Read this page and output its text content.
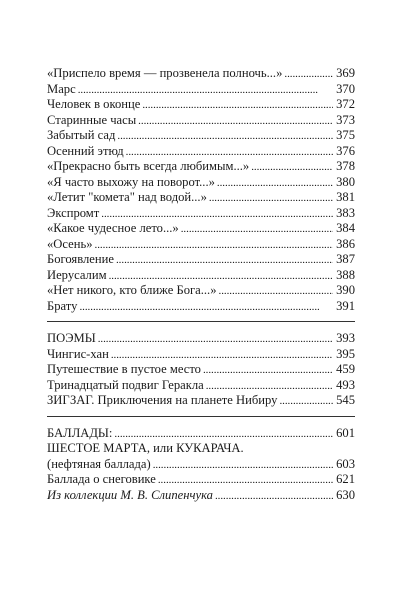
«Приспело время — прозвенела полночь...» . . .	369
Марс . . .	370
Человек в оконце . . .	372
Старинные часы . . .	373
Забытый сад . . .	375
Осенний этюд . . .	376
«Прекрасно быть всегда любимым...» . . .	378
«Я часто выхожу на поворот...» . . .	380
«Летит "комета" над водой...» . . .	381
Экспромт . . .	383
«Какое чудесное лето...» . . .	384
«Осень» . . .	386
Богоявление . . .	387
Иерусалим . . .	388
«Нет никого, кто ближе Бога...» . . .	390
Брату . . .	391
ПОЭМЫ . . .	393
Чингис-хан . . .	395
Путешествие в пустое место . . .	459
Тринадцатый подвиг Геракла . . .	493
ЗИГЗАГ. Приключения на планете Нибиру . . .	545
БАЛЛАДЫ: . . .	601
ШЕСТОЕ МАРТА, или КУКАРАЧА.
(нефтяная баллада) . . .	603
Баллада о снеговике . . .	621
Из коллекции М. В. Слипенчука . . .	630
